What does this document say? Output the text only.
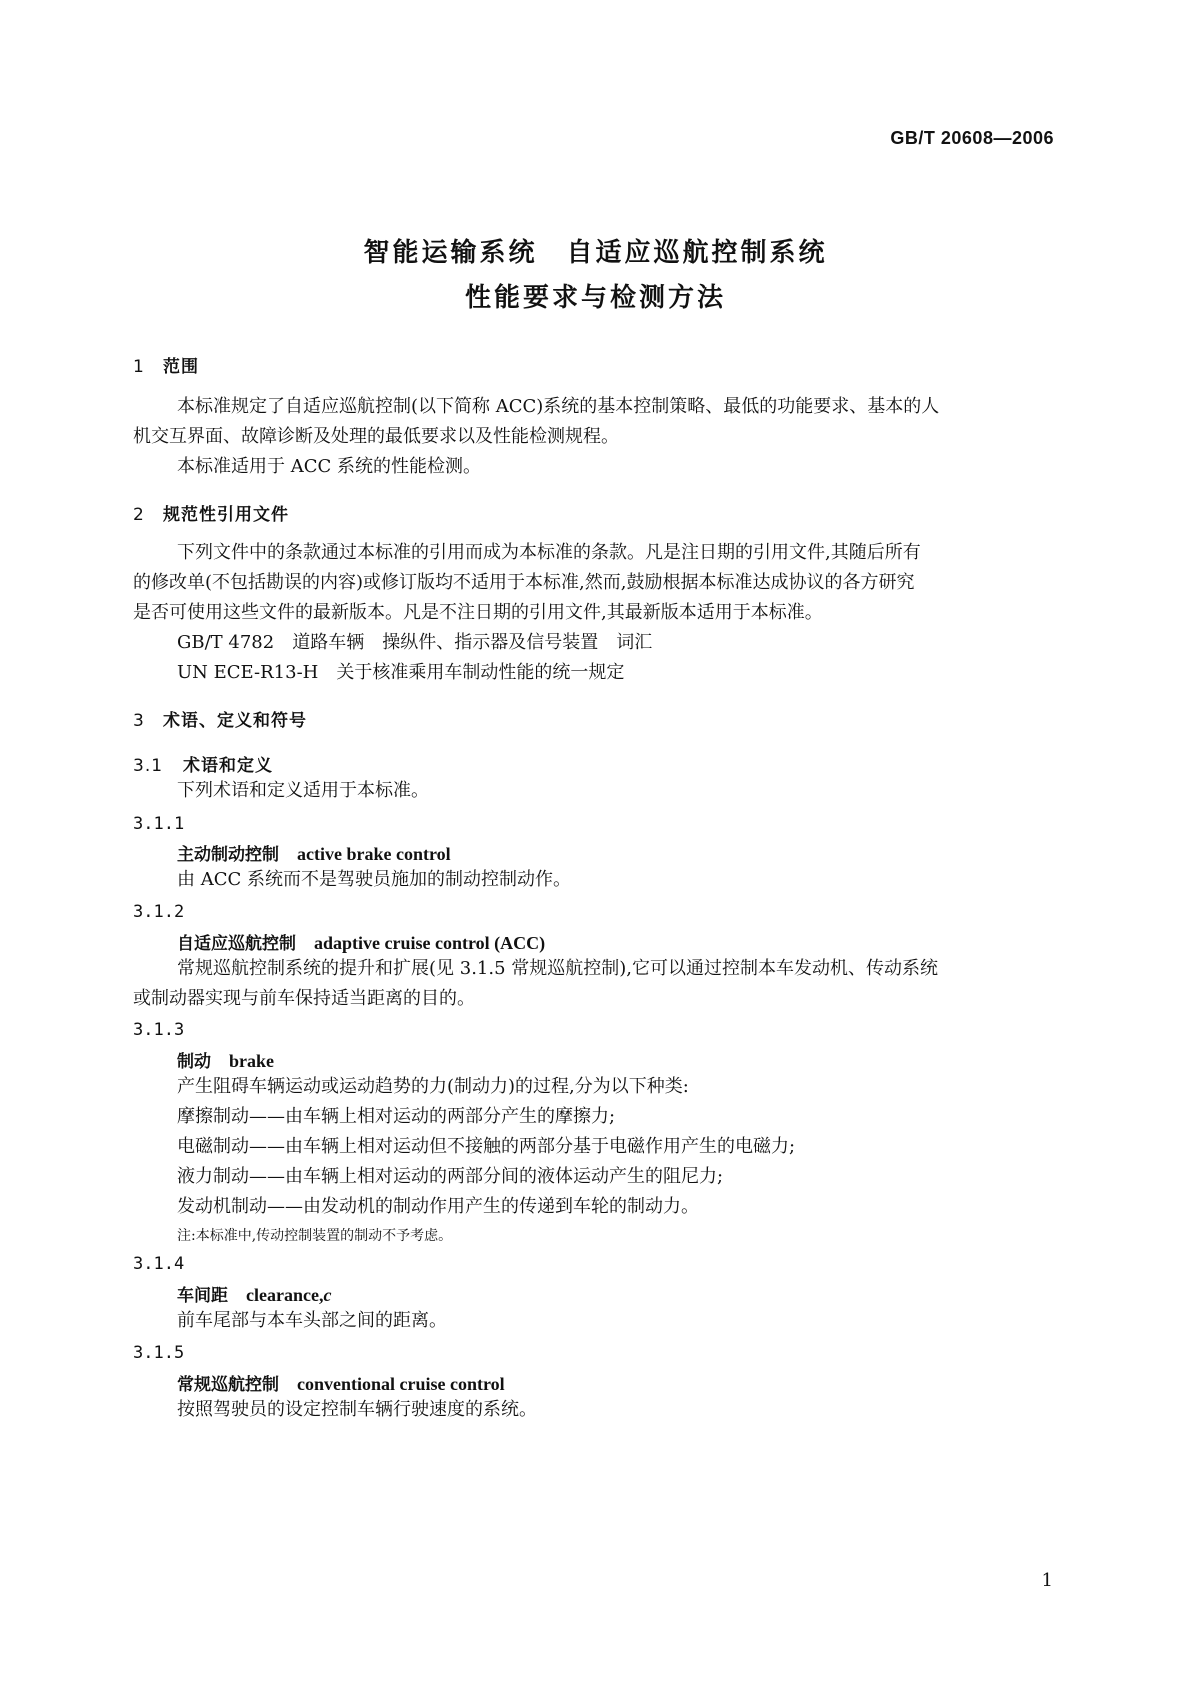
GB/T 20608—2006
智能运输系统　自适应巡航控制系统
性能要求与检测方法
1 范围
本标准规定了自适应巡航控制(以下简称 ACC)系统的基本控制策略、最低的功能要求、基本的人
机交互界面、故障诊断及处理的最低要求以及性能检测规程。
本标准适用于 ACC 系统的性能检测。
2 规范性引用文件
下列文件中的条款通过本标准的引用而成为本标准的条款。凡是注日期的引用文件,其随后所有
的修改单(不包括勘误的内容)或修订版均不适用于本标准,然而,鼓励根据本标准达成协议的各方研究
是否可使用这些文件的最新版本。凡是不注日期的引用文件,其最新版本适用于本标准。
GB/T 4782　道路车辆　操纵件、指示器及信号装置　词汇
UN ECE-R13-H　关于核准乘用车制动性能的统一规定
3 术语、定义和符号
3.1 术语和定义
下列术语和定义适用于本标准。
3.1.1
主动制动控制 active brake control
由 ACC 系统而不是驾驶员施加的制动控制动作。
3.1.2
自适应巡航控制 adaptive cruise control (ACC)
常规巡航控制系统的提升和扩展(见 3.1.5 常规巡航控制),它可以通过控制本车发动机、传动系统
或制动器实现与前车保持适当距离的目的。
3.1.3
制动 brake
产生阻碍车辆运动或运动趋势的力(制动力)的过程,分为以下种类:
摩擦制动——由车辆上相对运动的两部分产生的摩擦力;
电磁制动——由车辆上相对运动但不接触的两部分基于电磁作用产生的电磁力;
液力制动——由车辆上相对运动的两部分间的液体运动产生的阻尼力;
发动机制动——由发动机的制动作用产生的传递到车轮的制动力。
注:本标准中,传动控制装置的制动不予考虑。
3.1.4
车间距 clearance,c
前车尾部与本车头部之间的距离。
3.1.5
常规巡航控制 conventional cruise control
按照驾驶员的设定控制车辆行驶速度的系统。
1
